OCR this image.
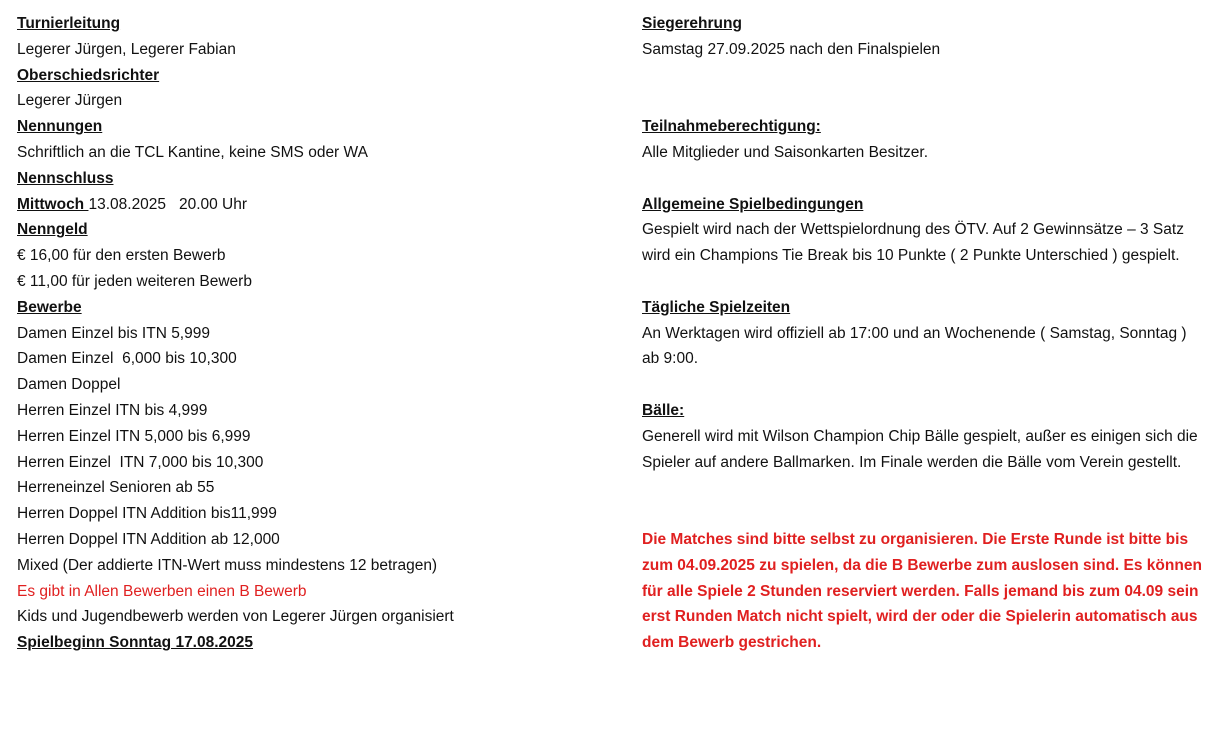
Turnierleitung
Legerer Jürgen, Legerer Fabian
Oberschiedsrichter
Legerer Jürgen
Nennungen
Schriftlich an die TCL Kantine, keine SMS oder WA
Nennschluss
Mittwoch 13.08.2025   20.00 Uhr
Nenngeld
€ 16,00 für den ersten Bewerb
€ 11,00 für jeden weiteren Bewerb
Bewerbe
Damen Einzel bis ITN 5,999
Damen Einzel  6,000 bis 10,300
Damen Doppel
Herren Einzel ITN bis 4,999
Herren Einzel ITN 5,000 bis 6,999
Herren Einzel  ITN 7,000 bis 10,300
Herreneinzel Senioren ab 55
Herren Doppel ITN Addition bis11,999
Herren Doppel ITN Addition ab 12,000
Mixed (Der addierte ITN-Wert muss mindestens 12 betragen)
Es gibt in Allen Bewerben einen B Bewerb
Kids und Jugendbewerb werden von Legerer Jürgen organisiert
Spielbeginn Sonntag 17.08.2025
Siegerehrung
Samstag 27.09.2025 nach den Finalspielen
Teilnahmeberechtigung:
Alle Mitglieder und Saisonkarten Besitzer.
Allgemeine Spielbedingungen

Gespielt wird nach der Wettspielordnung des ÖTV. Auf 2 Gewinnsätze – 3 Satz wird ein Champions Tie Break bis 10 Punkte ( 2 Punkte Unterschied ) gespielt.

Tägliche Spielzeiten

An Werktagen wird offiziell ab 17:00 und an Wochenende ( Samstag, Sonntag ) ab 9:00.

Bälle:

Generell wird mit Wilson Champion Chip Bälle gespielt, außer es einigen sich die Spieler auf andere Ballmarken. Im Finale werden die Bälle vom Verein gestellt.

Die Matches sind bitte selbst zu organisieren. Die Erste Runde ist bitte bis zum 04.09.2025 zu spielen, da die B Bewerbe zum auslosen sind. Es können für alle Spiele 2 Stunden reserviert werden. Falls jemand bis zum 04.09 sein erst Runden Match nicht spielt, wird der oder die Spielerin automatisch aus dem Bewerb gestrichen.
